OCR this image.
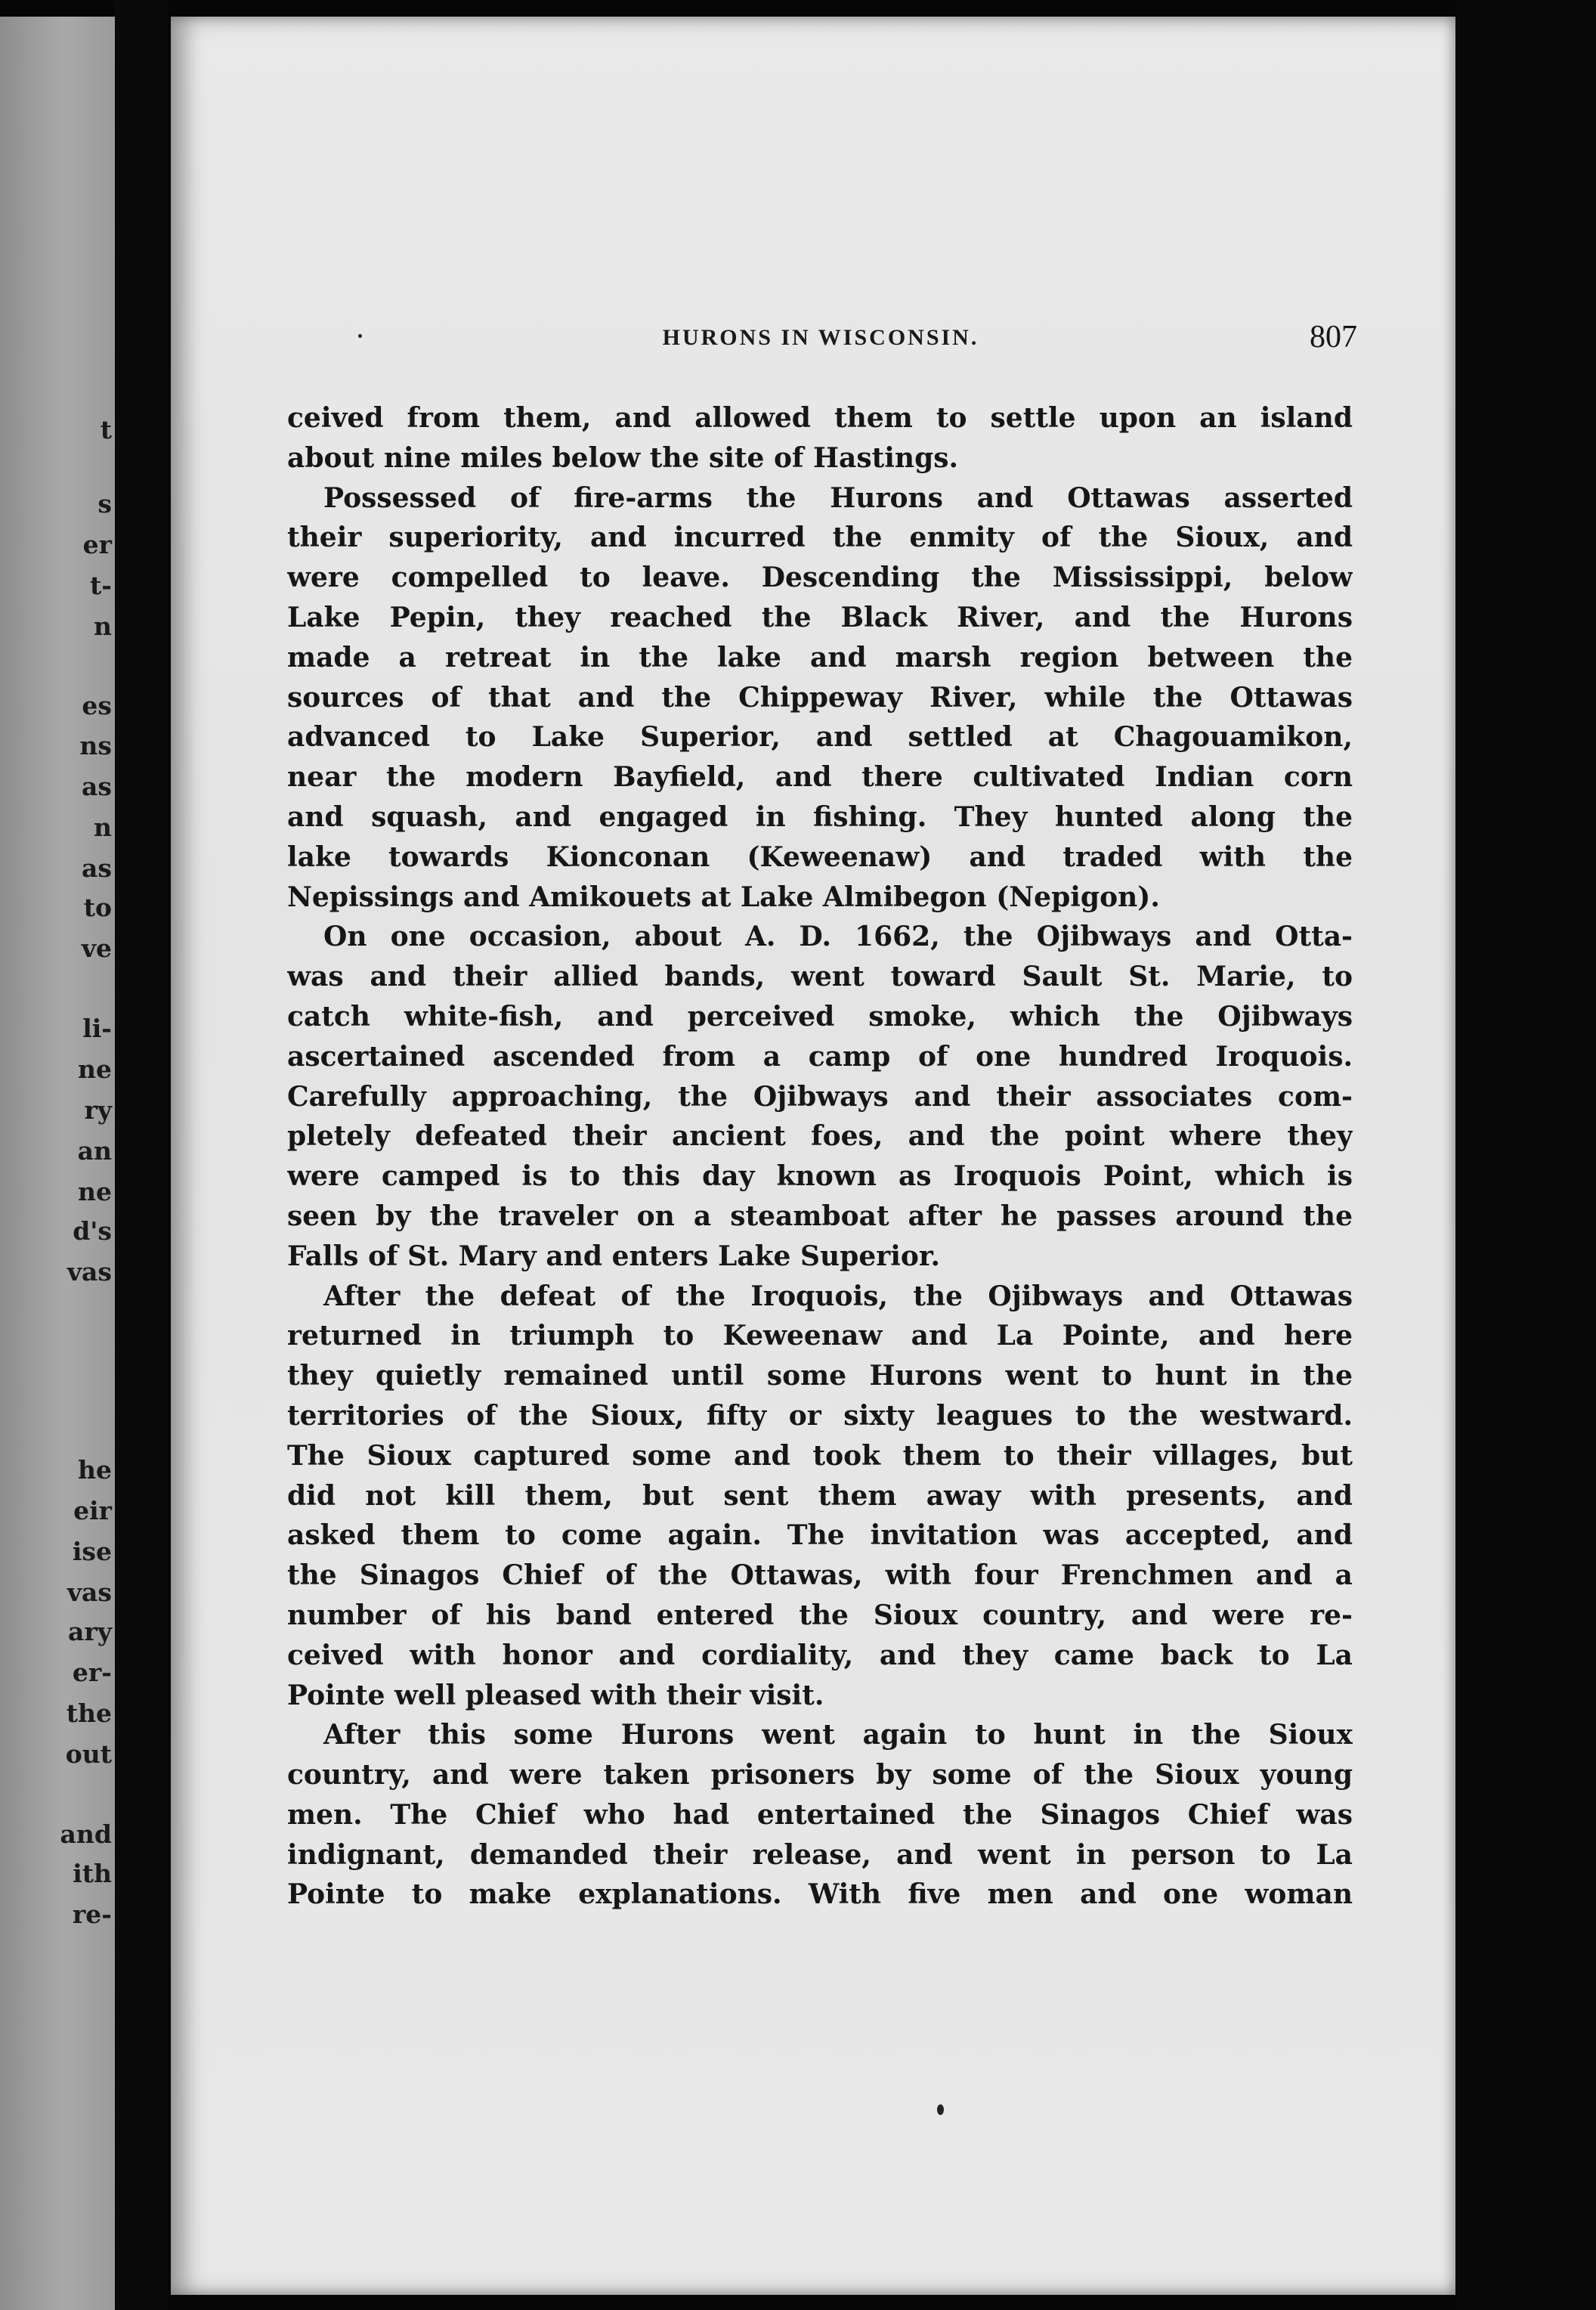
t
s
er
t-
n
es
ns
as
n
as
to
ve
li-
ne
ry
an
ne
d's
vas
he
eir
ise
vas
ary
er-
the
out
and
ith
re-
HURONS IN WISCONSIN.	807
ceived from them, and allowed them to settle upon an island
about nine miles below the site of Hastings.
Possessed of fire-arms the Hurons and Ottawas asserted
their superiority, and incurred the enmity of the Sioux, and
were compelled to leave. Descending the Mississippi, below
Lake Pepin, they reached the Black River, and the Hurons
made a retreat in the lake and marsh region between the
sources of that and the Chippeway River, while the Ottawas
advanced to Lake Superior, and settled at Chagouamikon,
near the modern Bayfield, and there cultivated Indian corn
and squash, and engaged in fishing. They hunted along the
lake towards Kionconan (Keweenaw) and traded with the
Nepissings and Amikouets at Lake Almibegon (Nepigon).
On one occasion, about A. D. 1662, the Ojibways and Otta-
was and their allied bands, went toward Sault St. Marie, to
catch white-fish, and perceived smoke, which the Ojibways
ascertained ascended from a camp of one hundred Iroquois.
Carefully approaching, the Ojibways and their associates com-
pletely defeated their ancient foes, and the point where they
were camped is to this day known as Iroquois Point, which is
seen by the traveler on a steamboat after he passes around the
Falls of St. Mary and enters Lake Superior.
After the defeat of the Iroquois, the Ojibways and Ottawas
returned in triumph to Keweenaw and La Pointe, and here
they quietly remained until some Hurons went to hunt in the
territories of the Sioux, fifty or sixty leagues to the westward.
The Sioux captured some and took them to their villages, but
did not kill them, but sent them away with presents, and
asked them to come again. The invitation was accepted, and
the Sinagos Chief of the Ottawas, with four Frenchmen and a
number of his band entered the Sioux country, and were re-
ceived with honor and cordiality, and they came back to La
Pointe well pleased with their visit.
After this some Hurons went again to hunt in the Sioux
country, and were taken prisoners by some of the Sioux young
men. The Chief who had entertained the Sinagos Chief was
indignant, demanded their release, and went in person to La
Pointe to make explanations. With five men and one woman
